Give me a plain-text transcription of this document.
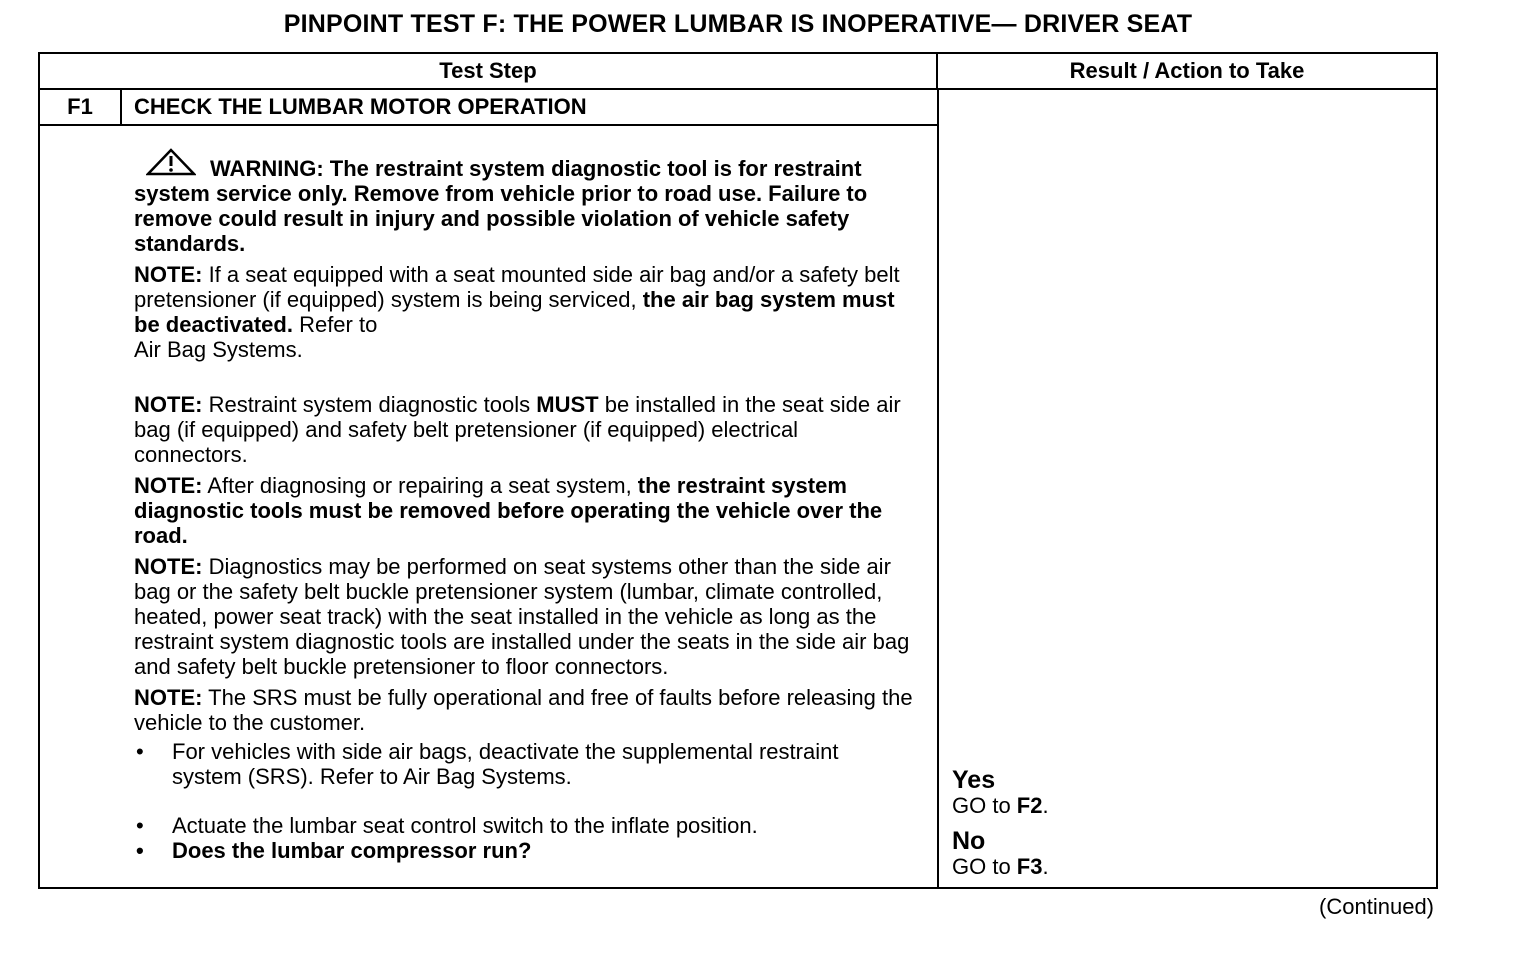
PINPOINT TEST F: THE POWER LUMBAR IS INOPERATIVE— DRIVER SEAT
Test Step	Result / Action to Take
F1	CHECK THE LUMBAR MOTOR OPERATION

WARNING: The restraint system diagnostic tool is for restraint system service only. Remove from vehicle prior to road use. Failure to remove could result in injury and possible violation of vehicle safety standards.

NOTE: If a seat equipped with a seat mounted side air bag and/or a safety belt pretensioner (if equipped) system is being serviced, the air bag system must be deactivated. Refer to
Air Bag Systems.

NOTE: Restraint system diagnostic tools MUST be installed in the seat side air bag (if equipped) and safety belt pretensioner (if equipped) electrical connectors.

NOTE: After diagnosing or repairing a seat system, the restraint system diagnostic tools must be removed before operating the vehicle over the road.

NOTE: Diagnostics may be performed on seat systems other than the side air bag or the safety belt buckle pretensioner system (lumbar, climate controlled, heated, power seat track) with the seat installed in the vehicle as long as the restraint system diagnostic tools are installed under the seats in the side air bag and safety belt buckle pretensioner to floor connectors.

NOTE: The SRS must be fully operational and free of faults before releasing the vehicle to the customer.

• For vehicles with side air bags, deactivate the supplemental restraint system (SRS). Refer to Air Bag Systems.
• Actuate the lumbar seat control switch to the inflate position.
• Does the lumbar compressor run?
Yes
GO to F2.
No
GO to F3.
(Continued)
